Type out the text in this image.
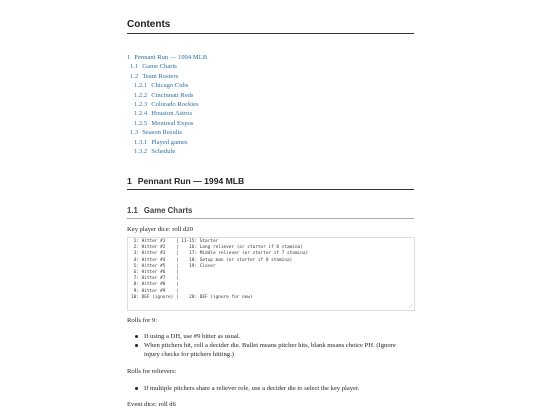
Contents
1 Pennant Run — 1994 MLB
1.1 Game Charts
1.2 Team Rosters
1.2.1 Chicago Cubs
1.2.2 Cincinnati Reds
1.2.3 Colorado Rockies
1.2.4 Houston Astros
1.2.5 Montreal Expos
1.3 Season Results
1.3.1 Played games
1.3.2 Schedule
1 Pennant Run — 1994 MLB
1.1 Game Charts
Key player dice: roll d20
1: Hitter #1    | 11-15: Starter
2: Hitter #2    |    16: Long reliever (or starter if 0 stamina)
3: Hitter #3    |    17: Middle reliever (or starter if 7 stamina)
4: Hitter #4    |    18: Setup man (or starter if 0 stamina)
5: Hitter #5    |    19: Closer
6: Hitter #6    |
7: Hitter #7    |
8: Hitter #8    |
9: Hitter #9    |
10: DEF (ignore) |    20: DEF (ignore for now)
⟋
Rolls for 9:
If using a DH, use #9 hitter as usual.
When pitchers hit, roll a decider die. Bullet means pitcher hits, blank means choice PH. (Ignore injury checks for pitchers hitting.)
Rolls for relievers:
If multiple pitchers share a reliever role, use a decider die to select the key player.
Event dice: roll d6
